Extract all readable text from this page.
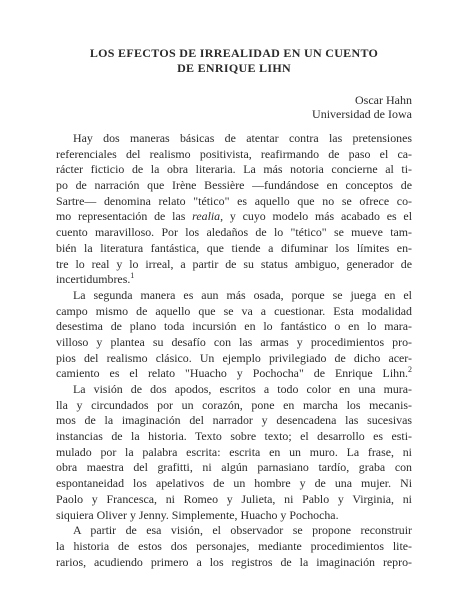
LOS EFECTOS DE IRREALIDAD EN UN CUENTO
DE ENRIQUE LIHN
Oscar Hahn
Universidad de Iowa
Hay dos maneras básicas de atentar contra las pretensiones
referenciales del realismo positivista, reafirmando de paso el ca-
rácter ficticio de la obra literaria. La más notoria concierne al ti-
po de narración que Irène Bessière —fundándose en conceptos de
Sartre— denomina relato "tético" es aquello que no se ofrece co-
mo representación de las realia, y cuyo modelo más acabado es el
cuento maravilloso. Por los aledaños de lo "tético" se mueve tam-
bién la literatura fantástica, que tiende a difuminar los límites en-
tre lo real y lo irreal, a partir de su status ambiguo, generador de
incertidumbres.$^1$
La segunda manera es aun más osada, porque se juega en el
campo mismo de aquello que se va a cuestionar. Esta modalidad
desestima de plano toda incursión en lo fantástico o en lo mara-
villoso y plantea su desafío con las armas y procedimientos pro-
pios del realismo clásico. Un ejemplo privilegiado de dicho acer-
camiento es el relato "Huacho y Pochocha" de Enrique Lihn.$^2$
La visión de dos apodos, escritos a todo color en una mura-
lla y circundados por un corazón, pone en marcha los mecanis-
mos de la imaginación del narrador y desencadena las sucesivas
instancias de la historia. Texto sobre texto; el desarrollo es esti-
mulado por la palabra escrita: escrita en un muro. La frase, ni
obra maestra del grafitti, ni algún parnasiano tardío, graba con
espontaneidad los apelativos de un hombre y de una mujer. Ni
Paolo y Francesca, ni Romeo y Julieta, ni Pablo y Virginia, ni
siquiera Oliver y Jenny. Simplemente, Huacho y Pochocha.
A partir de esa visión, el observador se propone reconstruir
la historia de estos dos personajes, mediante procedimientos lite-
rarios, acudiendo primero a los registros de la imaginación repro-
